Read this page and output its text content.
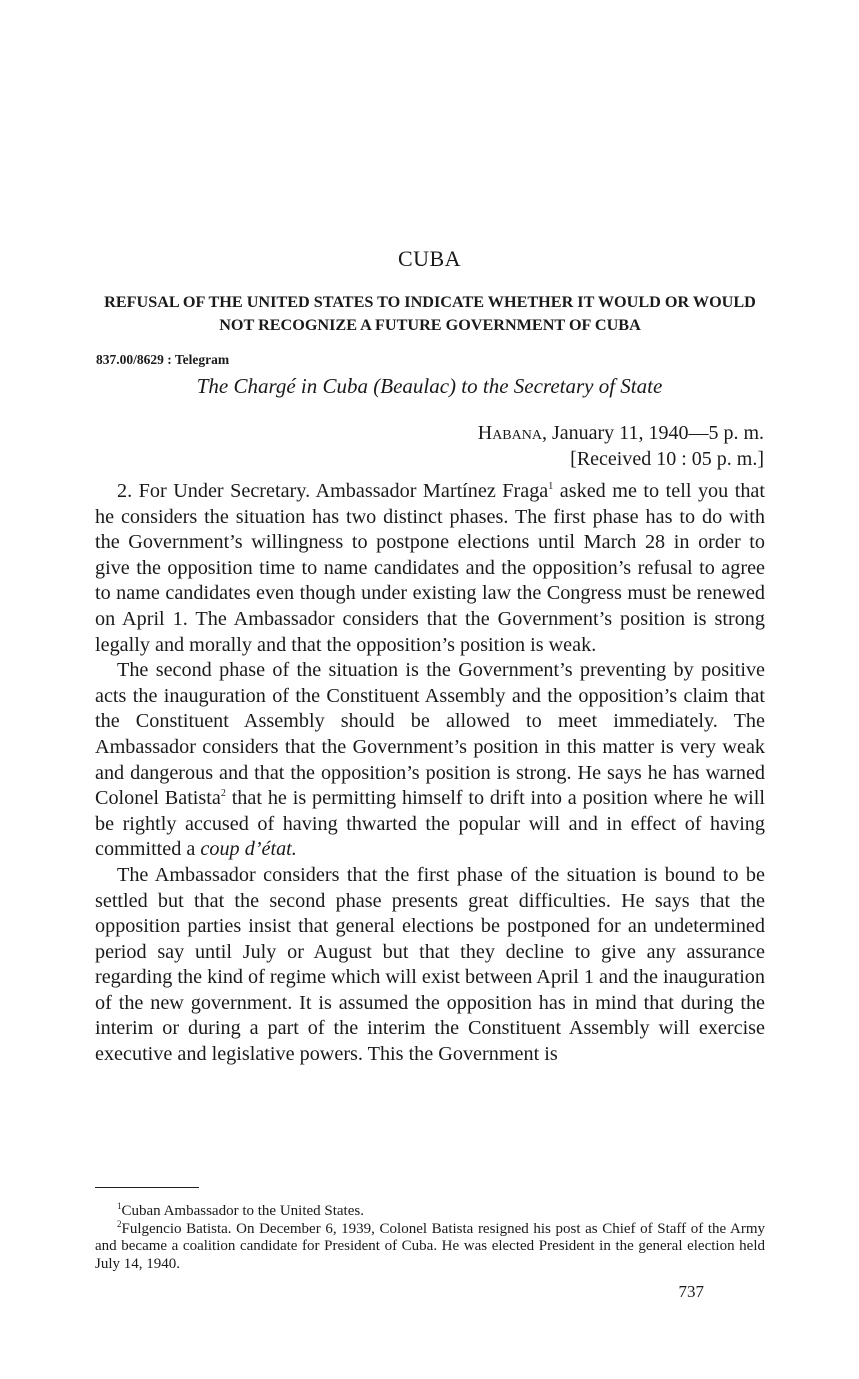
CUBA
REFUSAL OF THE UNITED STATES TO INDICATE WHETHER IT WOULD OR WOULD NOT RECOGNIZE A FUTURE GOVERNMENT OF CUBA
837.00/8629 : Telegram
The Chargé in Cuba (Beaulac) to the Secretary of State
Habana, January 11, 1940—5 p. m.
[Received 10 : 05 p. m.]

2. For Under Secretary. Ambassador Martínez Fraga$^1$ asked me to tell you that he considers the situation has two distinct phases. The first phase has to do with the Government’s willingness to postpone elections until March 28 in order to give the opposition time to name candidates and the opposition’s refusal to agree to name candidates even though under existing law the Congress must be renewed on April 1. The Ambassador considers that the Government’s position is strong legally and morally and that the opposition’s position is weak.

The second phase of the situation is the Government’s preventing by positive acts the inauguration of the Constituent Assembly and the opposition’s claim that the Constituent Assembly should be allowed to meet immediately. The Ambassador considers that the Government’s position in this matter is very weak and dangerous and that the opposition’s position is strong. He says he has warned Colonel Batista$^2$ that he is permitting himself to drift into a position where he will be rightly accused of having thwarted the popular will and in effect of having committed a coup d’état.

The Ambassador considers that the first phase of the situation is bound to be settled but that the second phase presents great difficulties. He says that the opposition parties insist that general elections be postponed for an undetermined period say until July or August but that they decline to give any assurance regarding the kind of regime which will exist between April 1 and the inauguration of the new government. It is assumed the opposition has in mind that during the interim or during a part of the interim the Constituent Assembly will exercise executive and legislative powers. This the Government is

$^1$Cuban Ambassador to the United States.

$^2$Fulgencio Batista. On December 6, 1939, Colonel Batista resigned his post as Chief of Staff of the Army and became a coalition candidate for President of Cuba. He was elected President in the general election held July 14, 1940.

737
